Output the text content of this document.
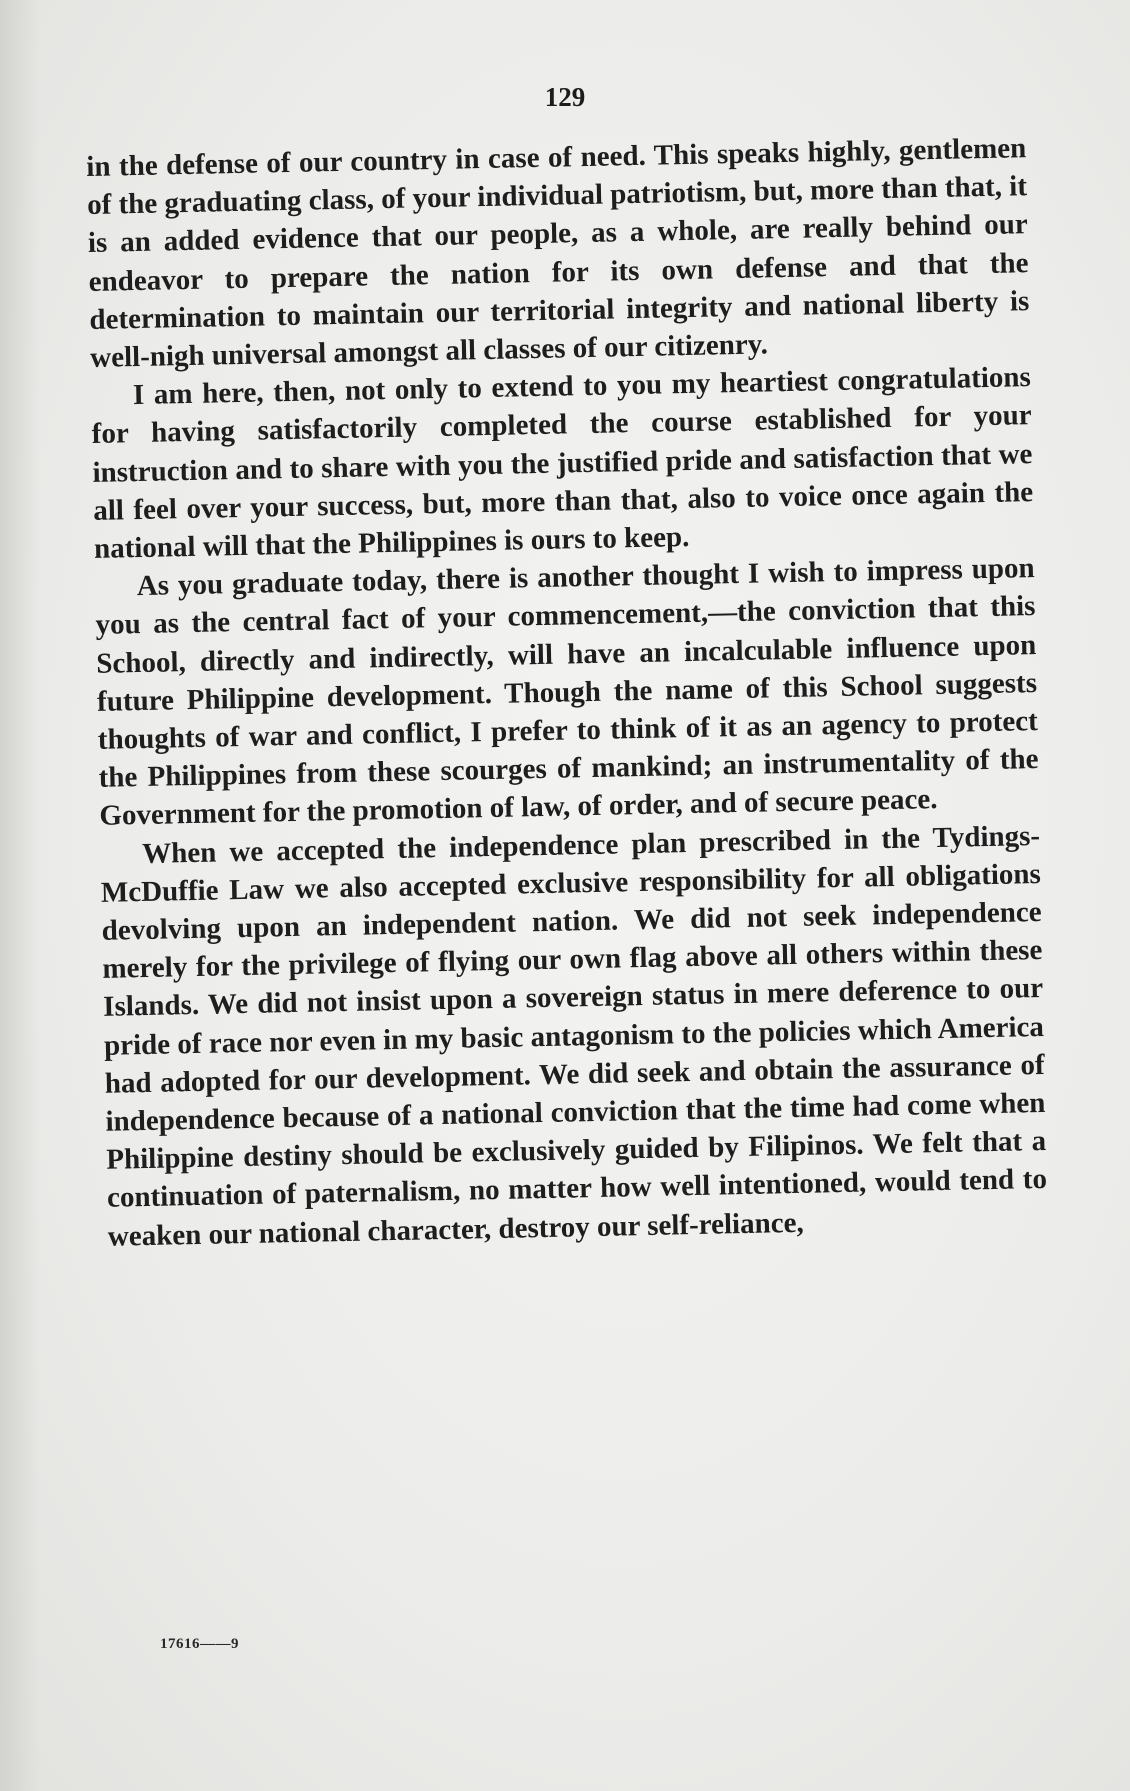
129

in the defense of our country in case of need. This speaks highly, gentlemen of the graduating class, of your individual patriotism, but, more than that, it is an added evidence that our people, as a whole, are really behind our endeavor to prepare the nation for its own defense and that the determination to maintain our territorial integrity and national liberty is well-nigh universal amongst all classes of our citizenry.

I am here, then, not only to extend to you my heartiest congratulations for having satisfactorily completed the course established for your instruction and to share with you the justified pride and satisfaction that we all feel over your success, but, more than that, also to voice once again the national will that the Philippines is ours to keep.

As you graduate today, there is another thought I wish to impress upon you as the central fact of your commencement,—the conviction that this School, directly and indirectly, will have an incalculable influence upon future Philippine development. Though the name of this School suggests thoughts of war and conflict, I prefer to think of it as an agency to protect the Philippines from these scourges of mankind; an instrumentality of the Government for the promotion of law, of order, and of secure peace.

When we accepted the independence plan prescribed in the Tydings-McDuffie Law we also accepted exclusive responsibility for all obligations devolving upon an independent nation. We did not seek independence merely for the privilege of flying our own flag above all others within these Islands. We did not insist upon a sovereign status in mere deference to our pride of race nor even in my basic antagonism to the policies which America had adopted for our development. We did seek and obtain the assurance of independence because of a national conviction that the time had come when Philippine destiny should be exclusively guided by Filipinos. We felt that a continuation of paternalism, no matter how well intentioned, would tend to weaken our national character, destroy our self-reliance,

17616——9
